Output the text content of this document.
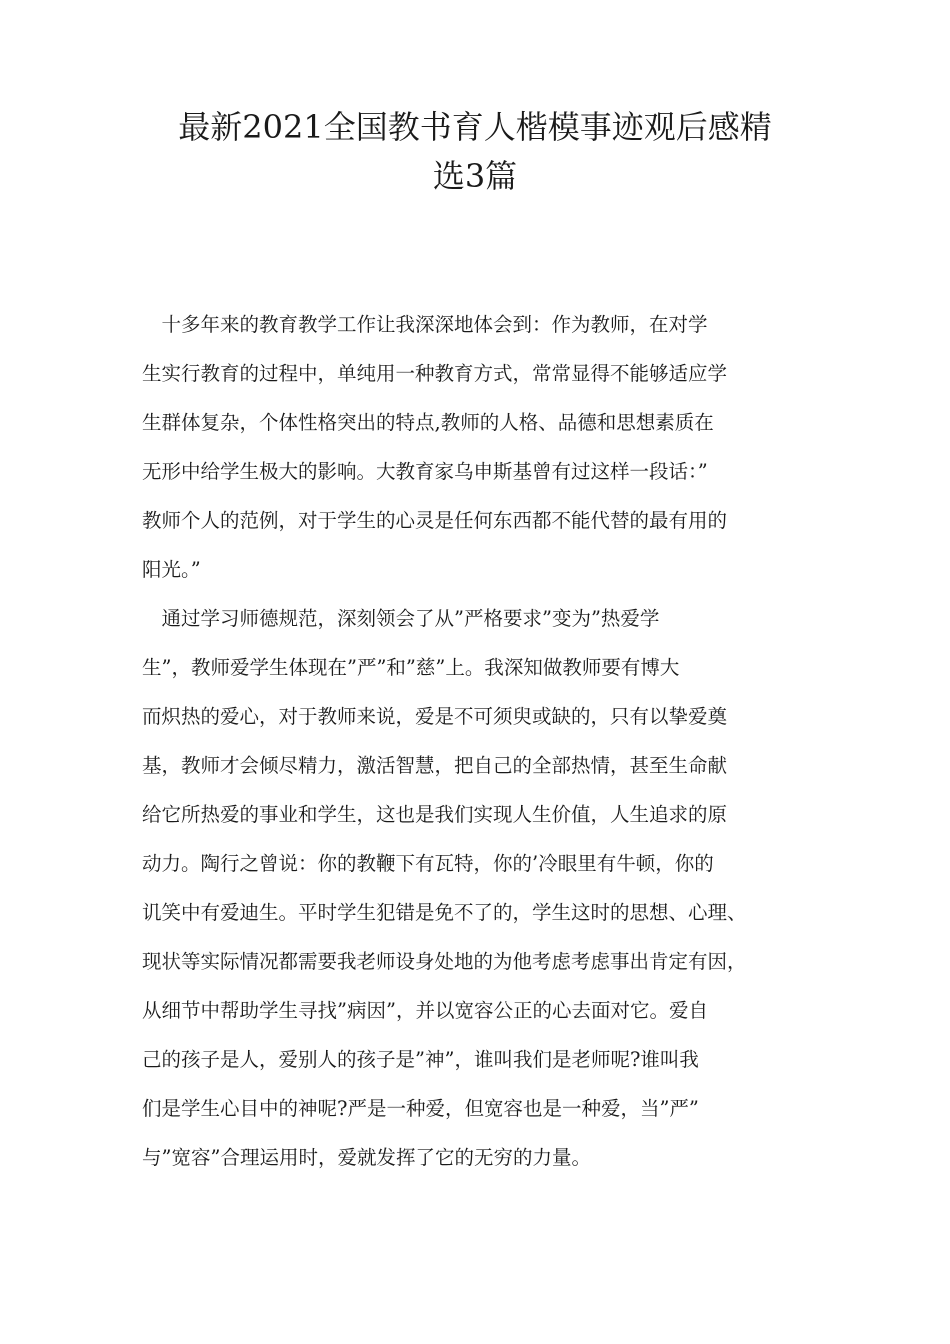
最新2021全国教书育人楷模事迹观后感精
选3篇

　十多年来的教育教学工作让我深深地体会到：作为教师，在对学

生实行教育的过程中，单纯用一种教育方式，常常显得不能够适应学

生群体复杂，个体性格突出的特点,教师的人格、品德和思想素质在

无形中给学生极大的影响。大教育家乌申斯基曾有过这样一段话：”

教师个人的范例，对于学生的心灵是任何东西都不能代替的最有用的

阳光。”

　通过学习师德规范，深刻领会了从”严格要求”变为”热爱学

生”，教师爱学生体现在”严”和”慈”上。我深知做教师要有博大

而炽热的爱心，对于教师来说，爱是不可须臾或缺的，只有以挚爱奠

基，教师才会倾尽精力，激活智慧，把自己的全部热情，甚至生命献

给它所热爱的事业和学生，这也是我们实现人生价值，人生追求的原

动力。陶行之曾说：你的教鞭下有瓦特，你的’冷眼里有牛顿，你的

讥笑中有爱迪生。平时学生犯错是免不了的，学生这时的思想、心理、

现状等实际情况都需要我老师设身处地的为他考虑考虑事出肯定有因，

从细节中帮助学生寻找”病因”，并以宽容公正的心去面对它。爱自

己的孩子是人，爱别人的孩子是”神”，谁叫我们是老师呢?谁叫我

们是学生心目中的神呢?严是一种爱，但宽容也是一种爱，当”严”

与”宽容”合理运用时，爱就发挥了它的无穷的力量。
